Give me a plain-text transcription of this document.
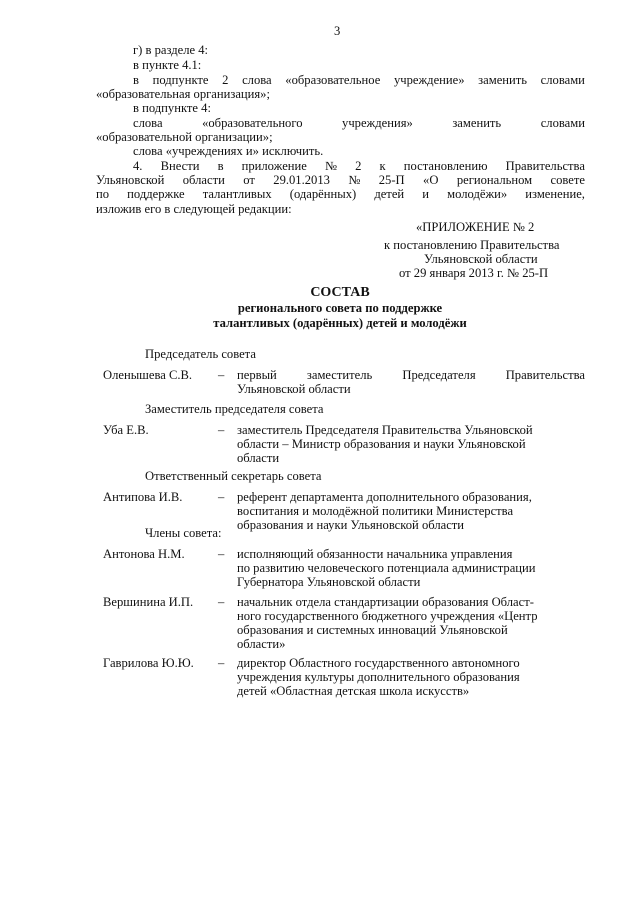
3
г) в разделе 4:
в пункте 4.1:
в подпункте 2 слова «образовательное учреждение» заменить словами
«образовательная организация»;
в подпункте 4:
слова	«образовательного	учреждения»	заменить	словами
«образовательной организации»;
слова «учреждениях и» исключить.
4. Внести в приложение № 2 к постановлению Правительства
Ульяновской области от 29.01.2013 № 25-П «О региональном совете
по поддержке талантливых (одарённых) детей и молодёжи» изменение,
изложив его в следующей редакции:
«ПРИЛОЖЕНИЕ № 2
к постановлению Правительства
Ульяновской области
от 29 января 2013 г. № 25-П
СОСТАВ
регионального совета по поддержке
талантливых (одарённых) детей и молодёжи
Председатель совета
Оленышева С.В. – первый заместитель Председателя Правительства
Ульяновской области
Заместитель председателя совета
Уба Е.В.	– заместитель Председателя Правительства Ульяновской
области – Министр образования и науки Ульяновской
области
Ответственный секретарь совета
Антипова И.В.	– референт департамента дополнительного образования,
воспитания и молодёжной политики Министерства
образования и науки Ульяновской области
Члены совета:
Антонова Н.М.	– исполняющий обязанности начальника управления
по развитию человеческого потенциала администрации
Губернатора Ульяновской области
Вершинина И.П. – начальник отдела стандартизации образования Област-
ного государственного бюджетного учреждения «Центр
образования и системных инноваций Ульяновской
области»
Гаврилова Ю.Ю. – директор Областного государственного автономного
учреждения культуры дополнительного образования
детей «Областная детская школа искусств»
